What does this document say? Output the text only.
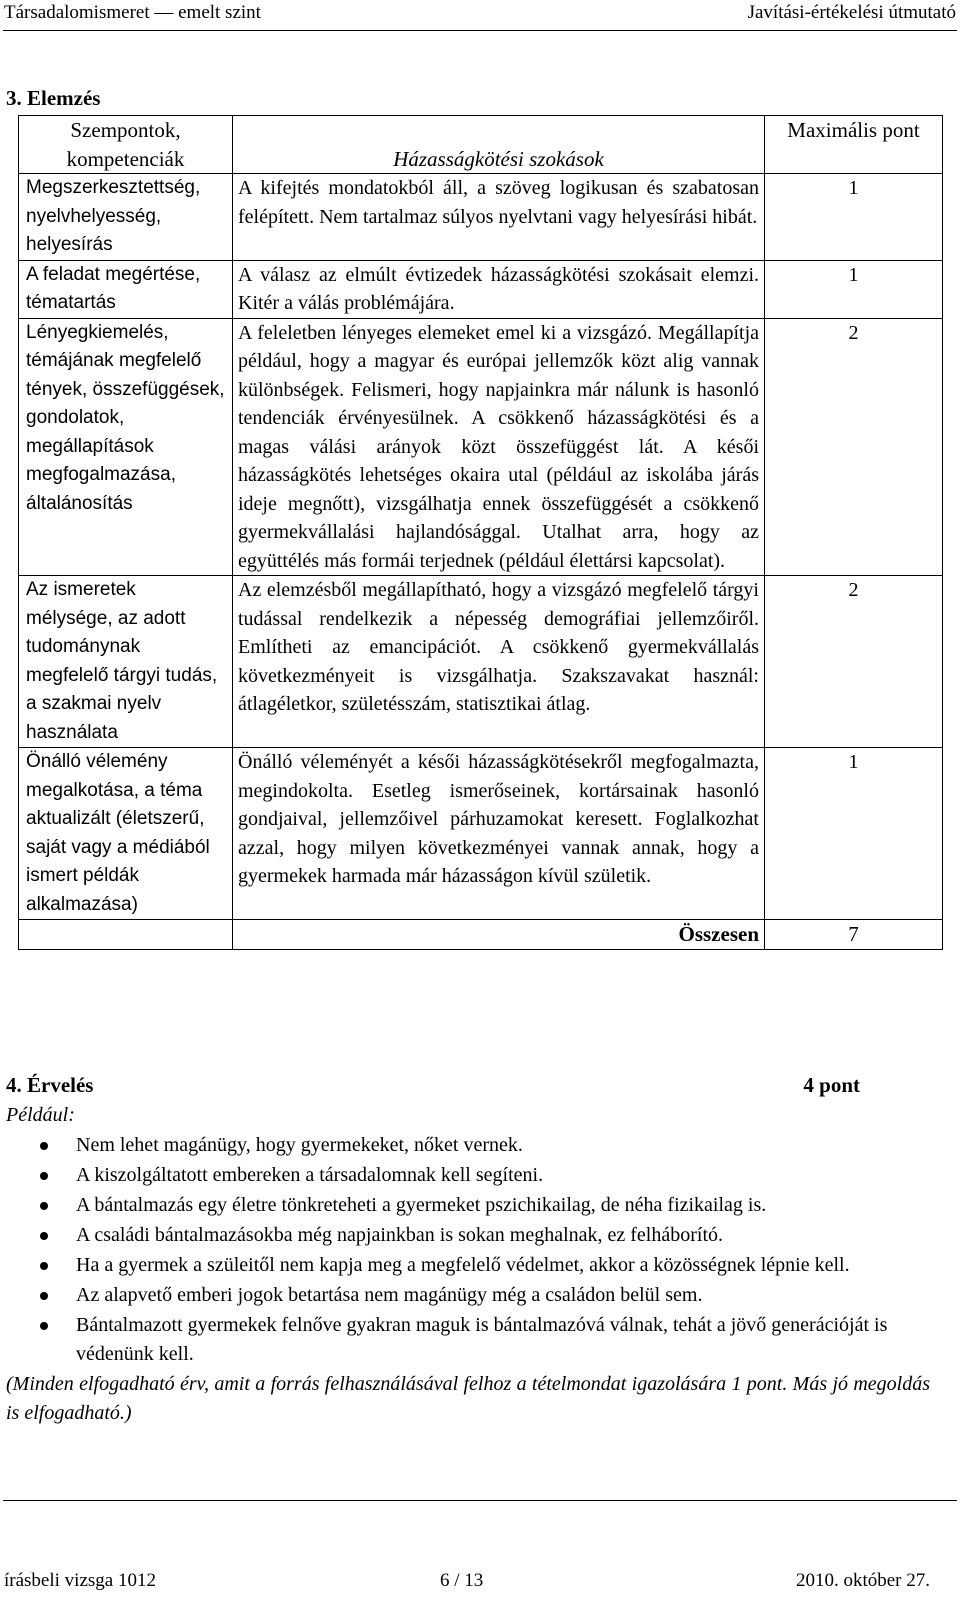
Társadalomismeret — emelt szint	Javítási-értékelési útmutató
3. Elemzés
Szempontok, kompetenciák	Házasságkötési szokások	Maximális pont
Megszerkesztettség, nyelvhelyesség, helyesírás	A kifejtés mondatokból áll, a szöveg logikusan és szabatosan felépített. Nem tartalmaz súlyos nyelvtani vagy helyesírási hibát.	1
A feladat megértése, tématartás	A válasz az elmúlt évtizedek házasságkötési szokásait elemzi. Kitér a válás problémájára.	1
Lényegkiemelés, témájának megfelelő tények, összefüggések, gondolatok, megállapítások megfogalmazása, általánosítás	A feleletben lényeges elemeket emel ki a vizsgázó. Megállapítja például, hogy a magyar és európai jellemzők közt alig vannak különbségek. Felismeri, hogy napjainkra már nálunk is hasonló tendenciák érvényesülnek. A csökkenő házasságkötési és a magas válási arányok közt összefüggést lát. A késői házasságkötés lehetséges okaira utal (például az iskolába járás ideje megnőtt), vizsgálhatja ennek összefüggését a csökkenő gyermekvállalási hajlandósággal. Utalhat arra, hogy az együttélés más formái terjednek (például élettársi kapcsolat).	2
Az ismeretek mélysége, az adott tudománynak megfelelő tárgyi tudás, a szakmai nyelv használata	Az elemzésből megállapítható, hogy a vizsgázó megfelelő tárgyi tudással rendelkezik a népesség demográfiai jellemzőiről. Említheti az emancipációt. A csökkenő gyermekvállalás következményeit is vizsgálhatja. Szakszavakat használ: átlagéletkor, születésszám, statisztikai átlag.	2
Önálló vélemény megalkotása, a téma aktualizált (életszerű, saját vagy a médiából ismert példák alkalmazása)	Önálló véleményét a késői házasságkötésekről megfogalmazta, megindokolta. Esetleg ismerőseinek, kortársainak hasonló gondjaival, jellemzőivel párhuzamokat keresett. Foglalkozhat azzal, hogy milyen következményei vannak annak, hogy a gyermekek harmada már házasságon kívül születik.	1
	Összesen	7
4. Érvelés	4 pont
Például:
Nem lehet magánügy, hogy gyermekeket, nőket vernek.
A kiszolgáltatott embereken a társadalomnak kell segíteni.
A bántalmazás egy életre tönkreteheti a gyermeket pszichikailag, de néha fizikailag is.
A családi bántalmazásokba még napjainkban is sokan meghalnak, ez felháborító.
Ha a gyermek a szüleitől nem kapja meg a megfelelő védelmet, akkor a közösségnek lépnie kell.
Az alapvető emberi jogok betartása nem magánügy még a családon belül sem.
Bántalmazott gyermekek felnőve gyakran maguk is bántalmazóvá válnak, tehát a jövő generációját is védenünk kell.
(Minden elfogadható érv, amit a forrás felhasználásával felhoz a tételmondat igazolására 1 pont. Más jó megoldás is elfogadható.)
írásbeli vizsga 1012	6 / 13	2010. október 27.
